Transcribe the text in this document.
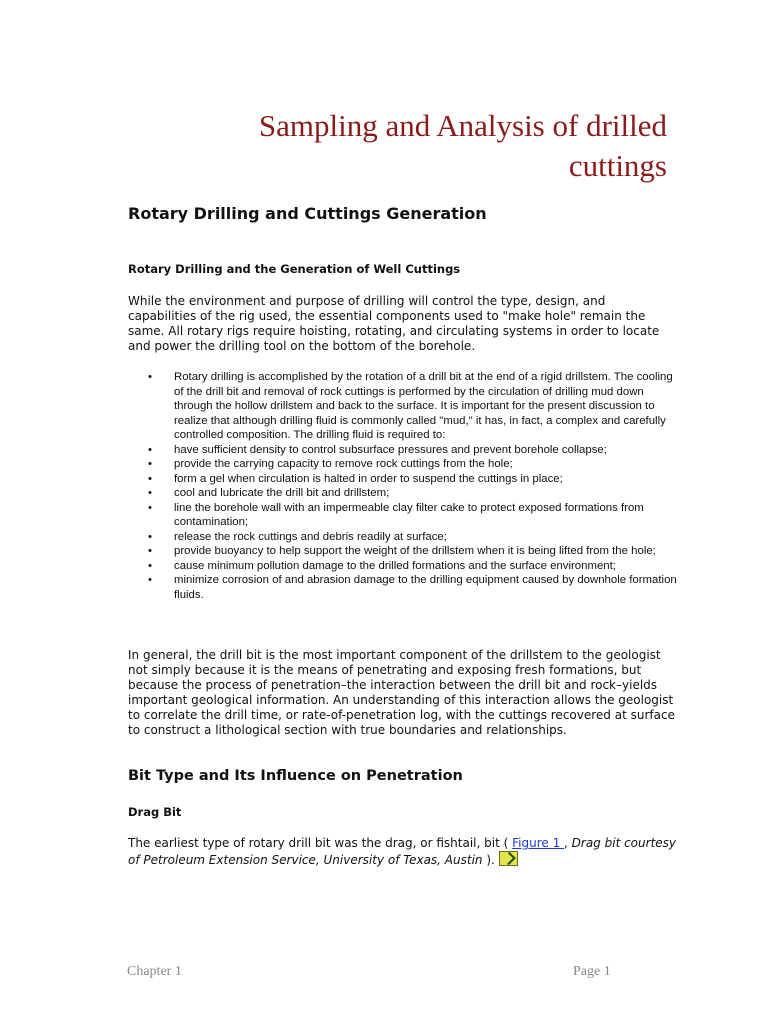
Sampling and Analysis of drilled
cuttings
Rotary Drilling and Cuttings Generation
Rotary Drilling and the Generation of Well Cuttings

While the environment and purpose of drilling will control the type, design, and capabilities of the rig used, the essential components used to "make hole" remain the same. All rotary rigs require hoisting, rotating, and circulating systems in order to locate and power the drilling tool on the bottom of the borehole.

• Rotary drilling is accomplished by the rotation of a drill bit at the end of a rigid drillstem. The cooling of the drill bit and removal of rock cuttings is performed by the circulation of drilling mud down through the hollow drillstem and back to the surface. It is important for the present discussion to realize that although drilling fluid is commonly called "mud," it has, in fact, a complex and carefully controlled composition. The drilling fluid is required to:
• have sufficient density to control subsurface pressures and prevent borehole collapse;
• provide the carrying capacity to remove rock cuttings from the hole;
• form a gel when circulation is halted in order to suspend the cuttings in place;
• cool and lubricate the drill bit and drillstem;
• line the borehole wall with an impermeable clay filter cake to protect exposed formations from contamination;
• release the rock cuttings and debris readily at surface;
• provide buoyancy to help support the weight of the drillstem when it is being lifted from the hole;
• cause minimum pollution damage to the drilled formations and the surface environment;
• minimize corrosion of and abrasion damage to the drilling equipment caused by downhole formation fluids.

In general, the drill bit is the most important component of the drillstem to the geologist not simply because it is the means of penetrating and exposing fresh formations, but because the process of penetration–the interaction between the drill bit and rock–yields important geological information. An understanding of this interaction allows the geologist to correlate the drill time, or rate-of-penetration log, with the cuttings recovered at surface to construct a lithological section with true boundaries and relationships.

Bit Type and Its Influence on Penetration
Drag Bit

The earliest type of rotary drill bit was the drag, or fishtail, bit ( Figure 1 , Drag bit courtesy of Petroleum Extension Service, University of Texas, Austin ).

Chapter 1	Page 1
